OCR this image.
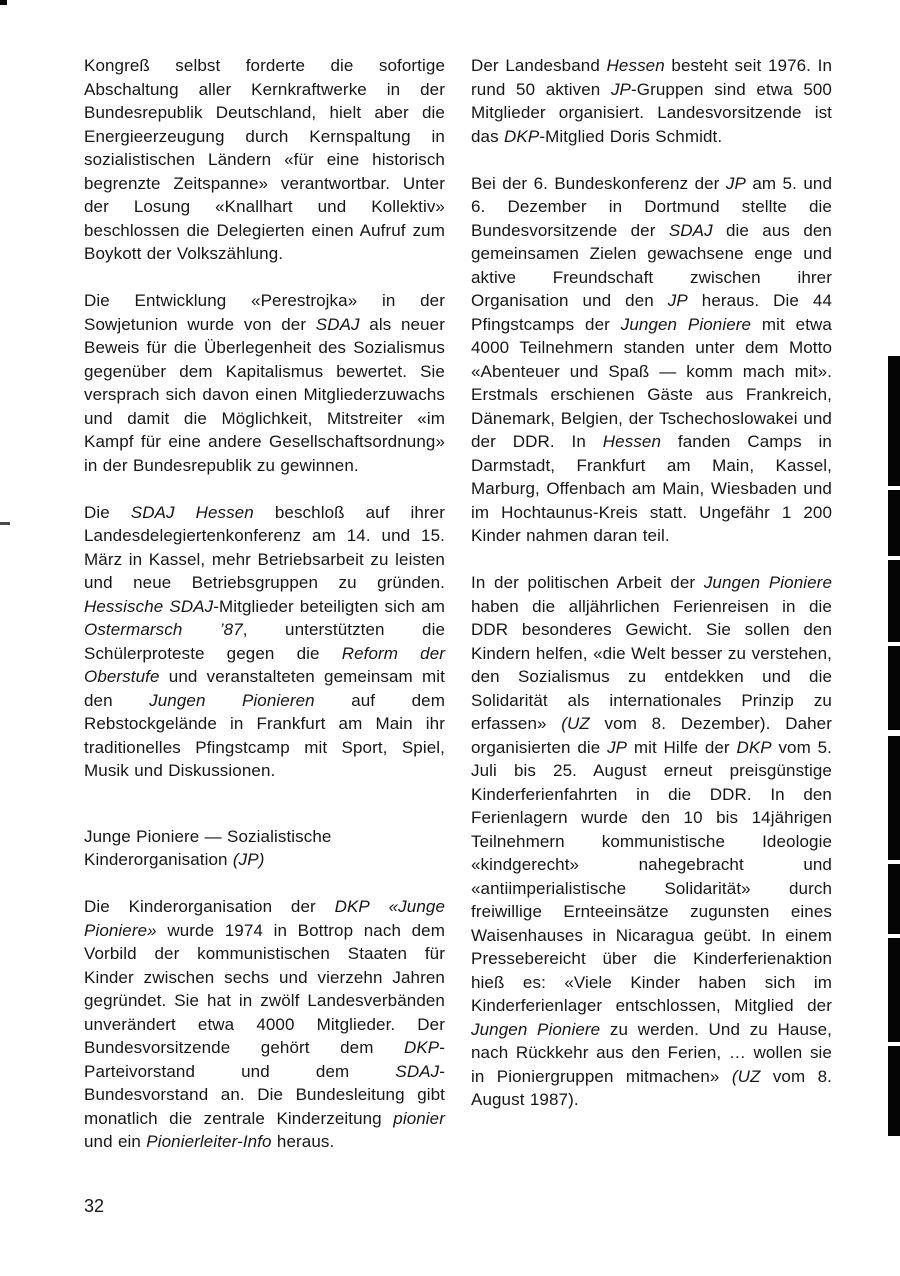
Kongreß selbst forderte die sofortige Abschaltung aller Kernkraftwerke in der Bundesrepublik Deutschland, hielt aber die Energieerzeugung durch Kernspaltung in sozialistischen Ländern «für eine historisch begrenzte Zeitspanne» verantwortbar. Unter der Losung «Knallhart und Kollektiv» beschlossen die Delegierten einen Aufruf zum Boykott der Volkszählung.

Die Entwicklung «Perestrojka» in der Sowjetunion wurde von der SDAJ als neuer Beweis für die Überlegenheit des Sozialismus gegenüber dem Kapitalismus bewertet. Sie versprach sich davon einen Mitgliederzuwachs und damit die Möglichkeit, Mitstreiter «im Kampf für eine andere Gesellschaftsordnung» in der Bundesrepublik zu gewinnen.

Die SDAJ Hessen beschloß auf ihrer Landesdelegiertenkonferenz am 14. und 15. März in Kassel, mehr Betriebsarbeit zu leisten und neue Betriebsgruppen zu gründen. Hessische SDAJ-Mitglieder beteiligten sich am Ostermarsch ’87, unterstützten die Schülerproteste gegen die Reform der Oberstufe und veranstalteten gemeinsam mit den Jungen Pionieren auf dem Rebstockgelände in Frankfurt am Main ihr traditionelles Pfingstcamp mit Sport, Spiel, Musik und Diskussionen.

Junge Pioniere — Sozialistische Kinderorganisation (JP)

Die Kinderorganisation der DKP «Junge Pioniere» wurde 1974 in Bottrop nach dem Vorbild der kommunistischen Staaten für Kinder zwischen sechs und vierzehn Jahren gegründet. Sie hat in zwölf Landesverbänden unverändert etwa 4000 Mitglieder. Der Bundesvorsitzende gehört dem DKP-Parteivorstand und dem SDAJ-Bundesvorstand an. Die Bundesleitung gibt monatlich die zentrale Kinderzeitung pionier und ein Pionierleiter-Info heraus.

Der Landesband Hessen besteht seit 1976. In rund 50 aktiven JP-Gruppen sind etwa 500 Mitglieder organisiert. Landesvorsitzende ist das DKP-Mitglied Doris Schmidt.

Bei der 6. Bundeskonferenz der JP am 5. und 6. Dezember in Dortmund stellte die Bundesvorsitzende der SDAJ die aus den gemeinsamen Zielen gewachsene enge und aktive Freundschaft zwischen ihrer Organisation und den JP heraus. Die 44 Pfingstcamps der Jungen Pioniere mit etwa 4000 Teilnehmern standen unter dem Motto «Abenteuer und Spaß — komm mach mit». Erstmals erschienen Gäste aus Frankreich, Dänemark, Belgien, der Tschechoslowakei und der DDR. In Hessen fanden Camps in Darmstadt, Frankfurt am Main, Kassel, Marburg, Offenbach am Main, Wiesbaden und im Hochtaunus-Kreis statt. Ungefähr 1 200 Kinder nahmen daran teil.

In der politischen Arbeit der Jungen Pioniere haben die alljährlichen Ferienreisen in die DDR besonderes Gewicht. Sie sollen den Kindern helfen, «die Welt besser zu verstehen, den Sozialismus zu entdekken und die Solidarität als internationales Prinzip zu erfassen» (UZ vom 8. Dezember). Daher organisierten die JP mit Hilfe der DKP vom 5. Juli bis 25. August erneut preisgünstige Kinderferienfahrten in die DDR. In den Ferienlagern wurde den 10 bis 14jährigen Teilnehmern kommunistische Ideologie «kindgerecht» nahegebracht und «antiimperialistische Solidarität» durch freiwillige Ernteeinsätze zugunsten eines Waisenhauses in Nicaragua geübt. In einem Pressebereicht über die Kinderferienaktion hieß es: «Viele Kinder haben sich im Kinderferienlager entschlossen, Mitglied der Jungen Pioniere zu werden. Und zu Hause, nach Rückkehr aus den Ferien, … wollen sie in Pioniergruppen mitmachen» (UZ vom 8. August 1987).

32
